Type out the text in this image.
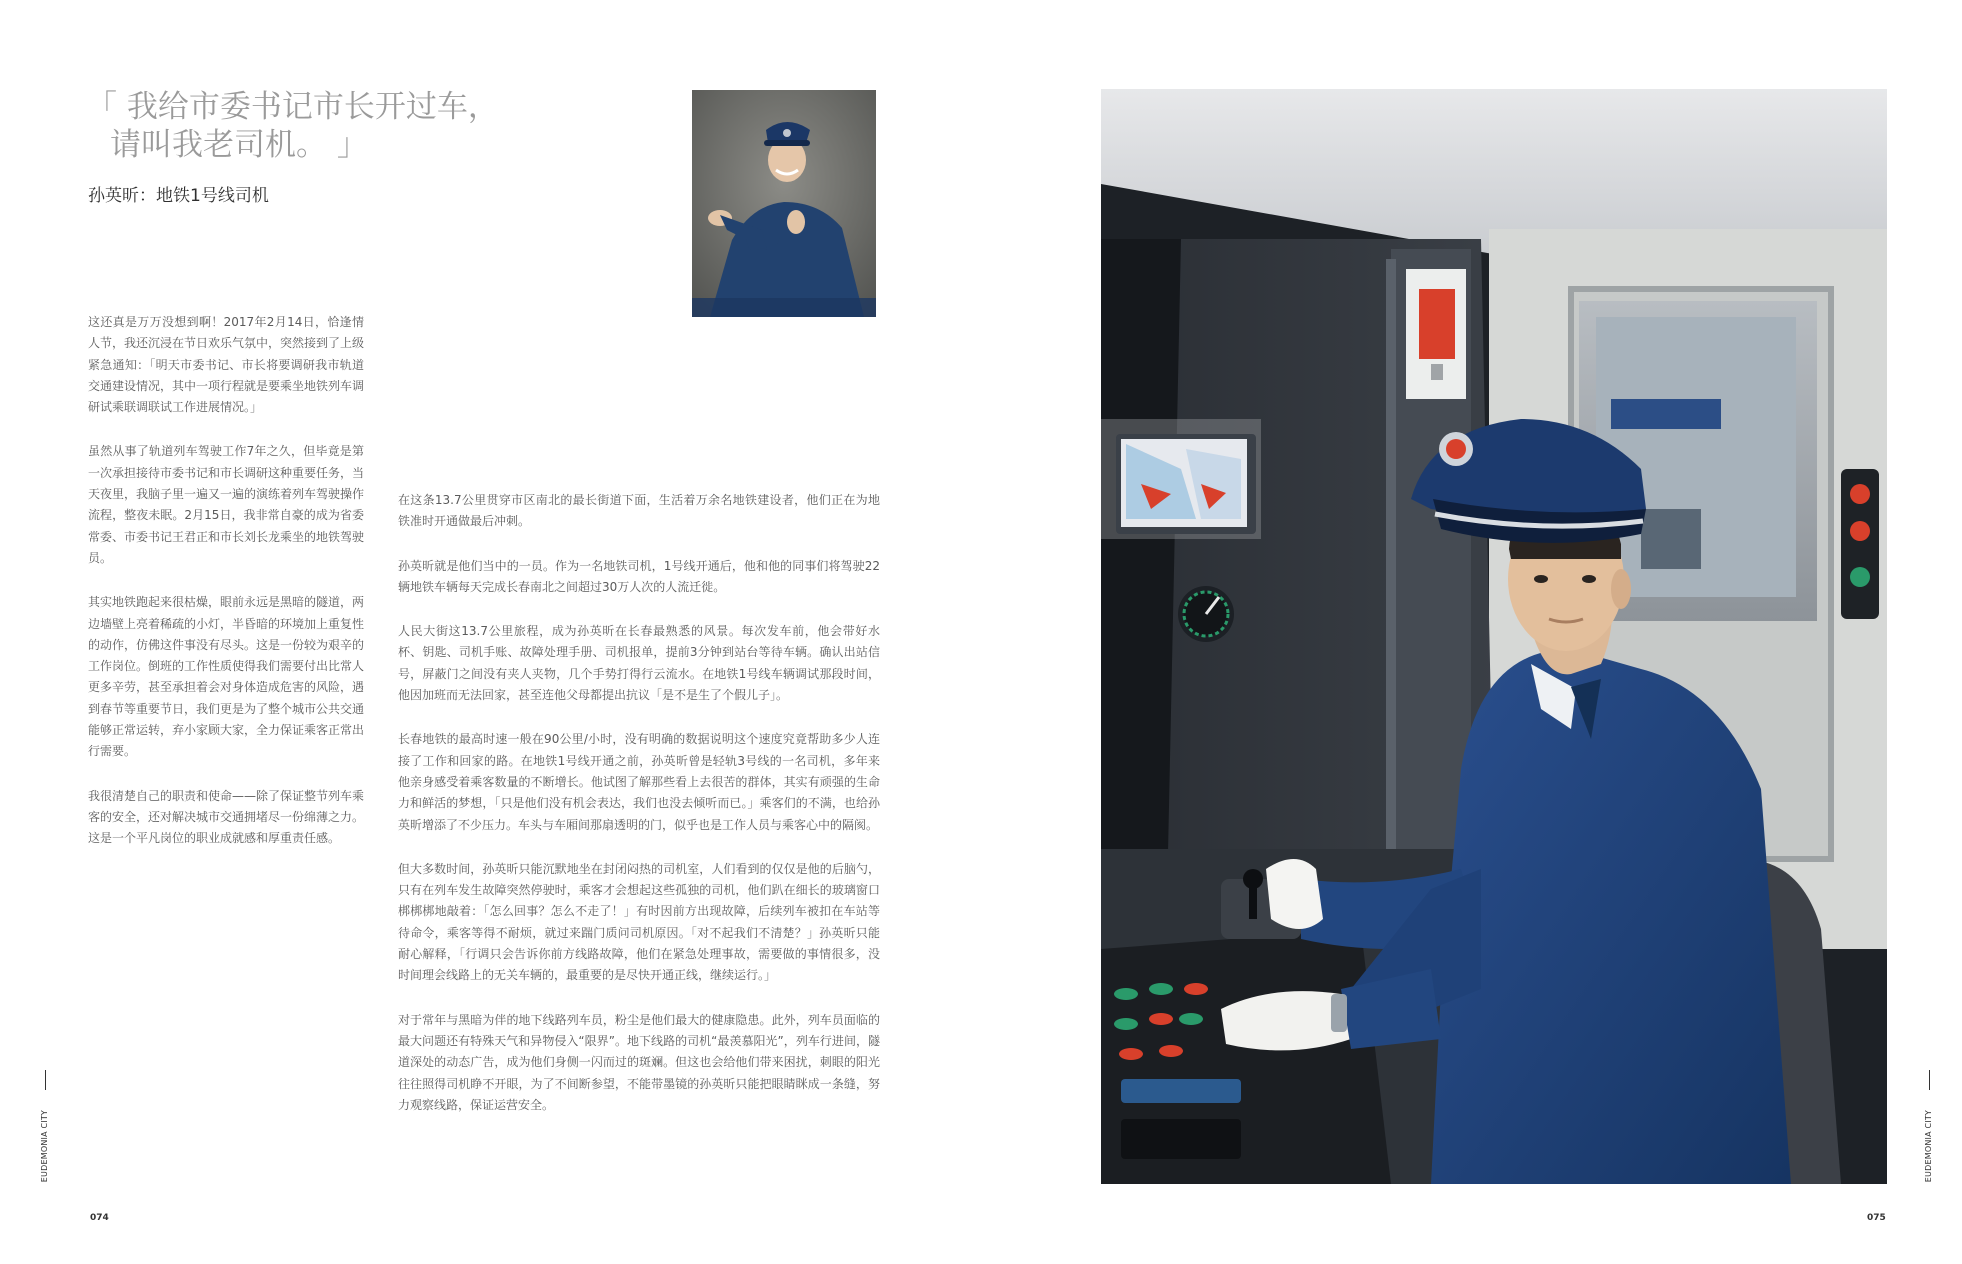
「 我给市委书记市长开过车，
请叫我老司机。 」
孙英昕：地铁1号线司机

这还真是万万没想到啊！2017年2月14日，恰逢情人节，我还沉浸在节日欢乐气氛中，突然接到了上级紧急通知：「明天市委书记、市长将要调研我市轨道交通建设情况，其中一项行程就是要乘坐地铁列车调研试乘联调联试工作进展情况。」

虽然从事了轨道列车驾驶工作7年之久，但毕竟是第一次承担接待市委书记和市长调研这种重要任务，当天夜里，我脑子里一遍又一遍的演练着列车驾驶操作流程，整夜未眠。2月15日，我非常自豪的成为省委常委、市委书记王君正和市长刘长龙乘坐的地铁驾驶员。

其实地铁跑起来很枯燥，眼前永远是黑暗的隧道，两边墙壁上亮着稀疏的小灯，半昏暗的环境加上重复性的动作，仿佛这件事没有尽头。这是一份较为艰辛的工作岗位。倒班的工作性质使得我们需要付出比常人更多辛劳，甚至承担着会对身体造成危害的风险，遇到春节等重要节日，我们更是为了整个城市公共交通能够正常运转，弃小家顾大家，全力保证乘客正常出行需要。

我很清楚自己的职责和使命——除了保证整节列车乘客的安全，还对解决城市交通拥堵尽一份绵薄之力。这是一个平凡岗位的职业成就感和厚重责任感。

在这条13.7公里贯穿市区南北的最长街道下面，生活着万余名地铁建设者，他们正在为地铁准时开通做最后冲刺。

孙英昕就是他们当中的一员。作为一名地铁司机，1号线开通后，他和他的同事们将驾驶22辆地铁车辆每天完成长春南北之间超过30万人次的人流迁徙。

人民大街这13.7公里旅程，成为孙英昕在长春最熟悉的风景。每次发车前，他会带好水杯、钥匙、司机手账、故障处理手册、司机报单，提前3分钟到站台等待车辆。确认出站信号，屏蔽门之间没有夹人夹物，几个手势打得行云流水。在地铁1号线车辆调试那段时间，他因加班而无法回家，甚至连他父母都提出抗议「是不是生了个假儿子」。

长春地铁的最高时速一般在90公里/小时，没有明确的数据说明这个速度究竟帮助多少人连接了工作和回家的路。在地铁1号线开通之前，孙英昕曾是轻轨3号线的一名司机，多年来他亲身感受着乘客数量的不断增长。他试图了解那些看上去很苦的群体，其实有顽强的生命力和鲜活的梦想，「只是他们没有机会表达，我们也没去倾听而已。」乘客们的不满，也给孙英昕增添了不少压力。车头与车厢间那扇透明的门，似乎也是工作人员与乘客心中的隔阂。

但大多数时间，孙英昕只能沉默地坐在封闭闷热的司机室，人们看到的仅仅是他的后脑勺，只有在列车发生故障突然停驶时，乘客才会想起这些孤独的司机，他们趴在细长的玻璃窗口梆梆梆地敲着：「怎么回事？怎么不走了！」有时因前方出现故障，后续列车被扣在车站等待命令，乘客等得不耐烦，就过来踹门质问司机原因。「对不起我们不清楚？」孙英昕只能耐心解释，「行调只会告诉你前方线路故障，他们在紧急处理事故，需要做的事情很多，没时间理会线路上的无关车辆的，最重要的是尽快开通正线，继续运行。」

对于常年与黑暗为伴的地下线路列车员，粉尘是他们最大的健康隐患。此外，列车员面临的最大问题还有特殊天气和异物侵入“限界”。地下线路的司机“最羡慕阳光”，列车行进间，隧道深处的动态广告，成为他们身侧一闪而过的斑斓。但这也会给他们带来困扰，刺眼的阳光往往照得司机睁不开眼，为了不间断参望，不能带墨镜的孙英昕只能把眼睛眯成一条缝，努力观察线路，保证运营安全。

EUDEMONIA CITY
074
EUDEMONIA CITY
075
